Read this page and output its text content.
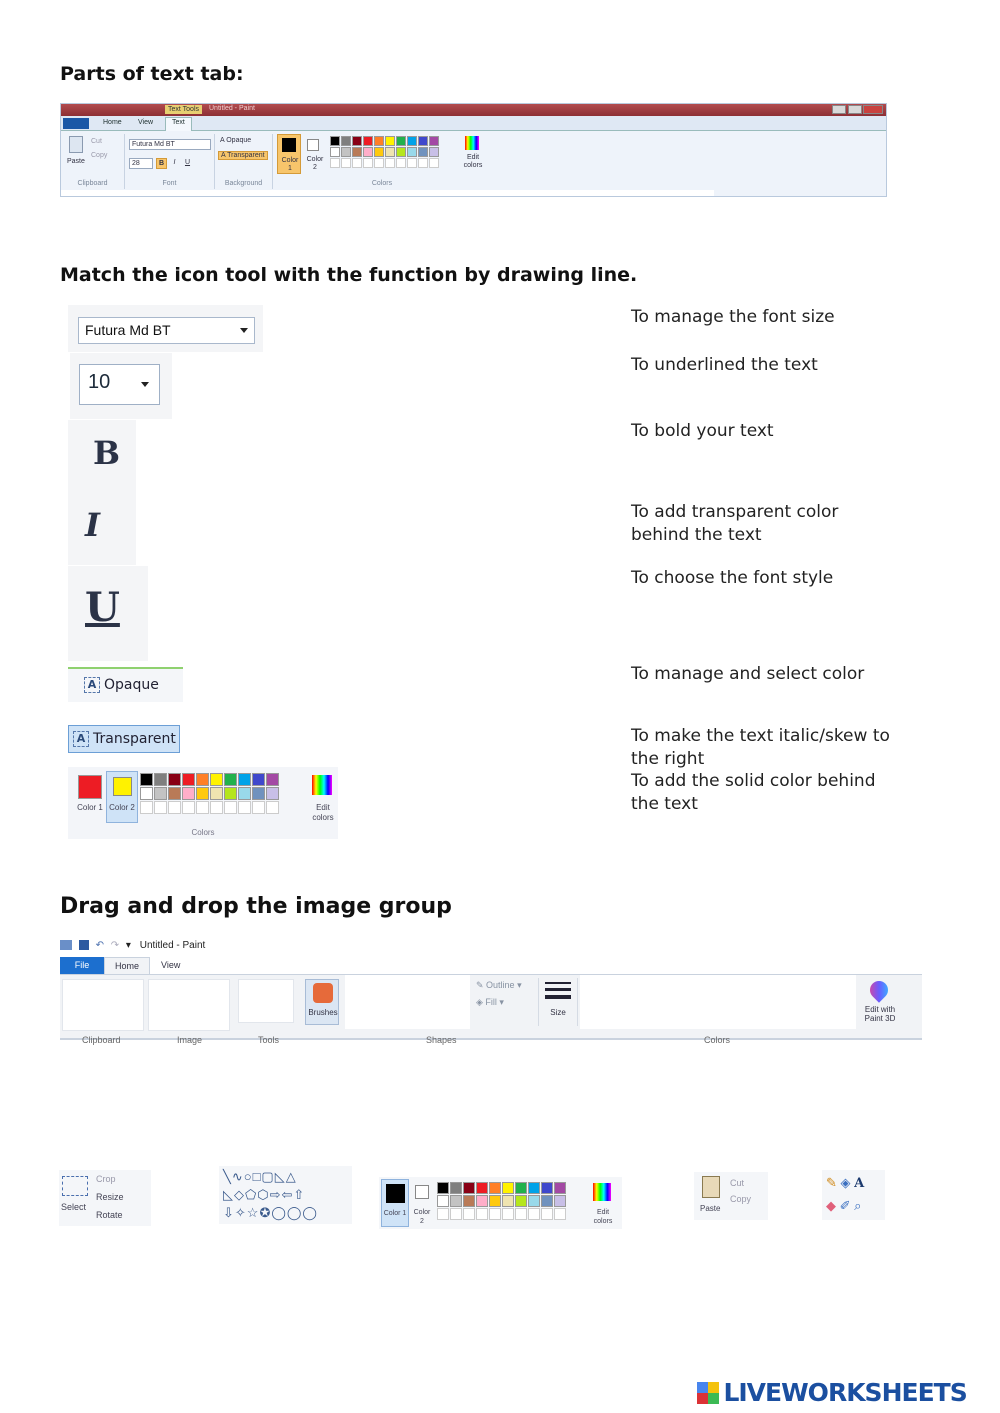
Parts of text tab:
Text Tools	Untitled - Paint
Home View	Text
Paste
Cut
Copy
Clipboard
Futura Md BT
28	B	I	U
Font
A Opaque
A Transparent
Background
Color 1
Color 2

Edit colors
Colors
Match the icon tool with the function by drawing line.
Futura Md BT
10
B
I
U
A Opaque
A Transparent
Color 1 Color 2	Edit colors
Colors
To manage the font size
To underlined the text
To bold your text
To add transparent color behind the text
To choose the font style
To manage and select color
To make the text italic/skew to the right
To add the solid color behind the text
Drag and drop the image group
↶ ↷ ▾ Untitled - Paint
File	Home	View
Brushes
✎ Outline ▾
◈ Fill ▾
Size	Edit with Paint 3D
Clipboard	Image	Tools	Shapes	Colors
Select
Crop
Resize
Rotate
╲∿○□▢◺△
◺◇⬠⬡⇨⇦⇧
⇩✧☆✪◯◯◯	Color 1	Color 2

Edit colors
Paste
Cut
Copy
✎ ◈ A
◆ ✐ ⌕
LIVEWORKSHEETS
